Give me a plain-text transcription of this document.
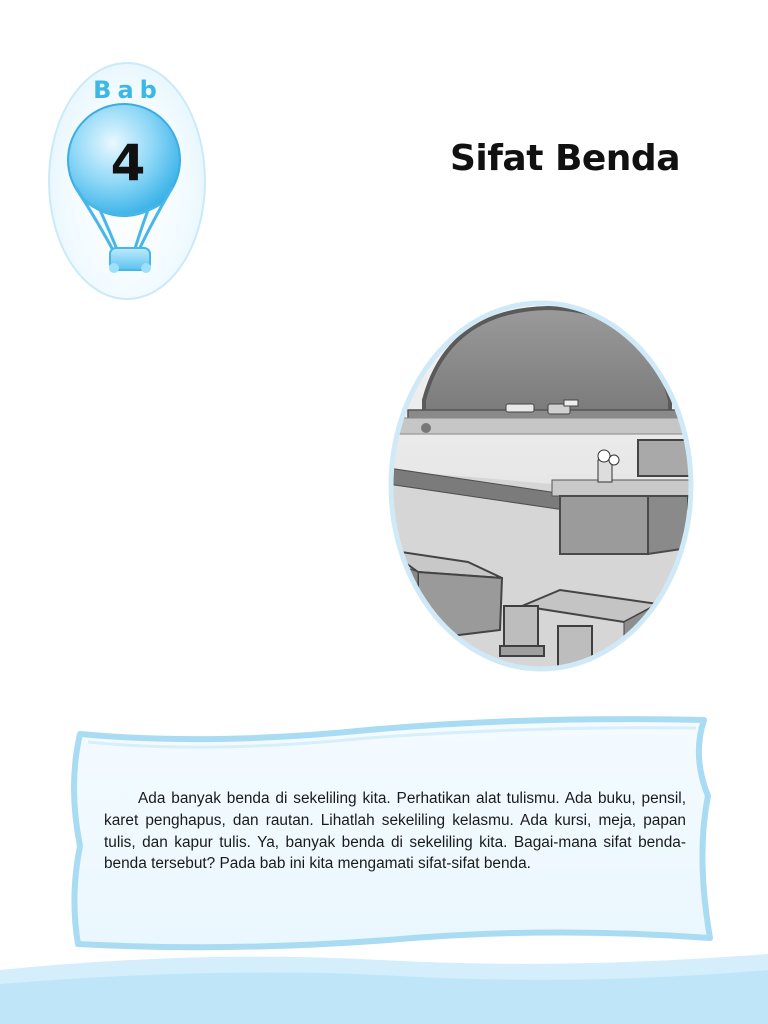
Bab
4	Sifat Benda

Ada banyak benda di sekeliling kita. Perhatikan alat tulismu. Ada buku, pensil, karet penghapus, dan rautan. Lihatlah sekeliling kelasmu. Ada kursi, meja, papan tulis, dan kapur tulis. Ya, banyak benda di sekeliling kita. Bagai-mana sifat benda-benda tersebut? Pada bab ini kita mengamati sifat-sifat benda.
